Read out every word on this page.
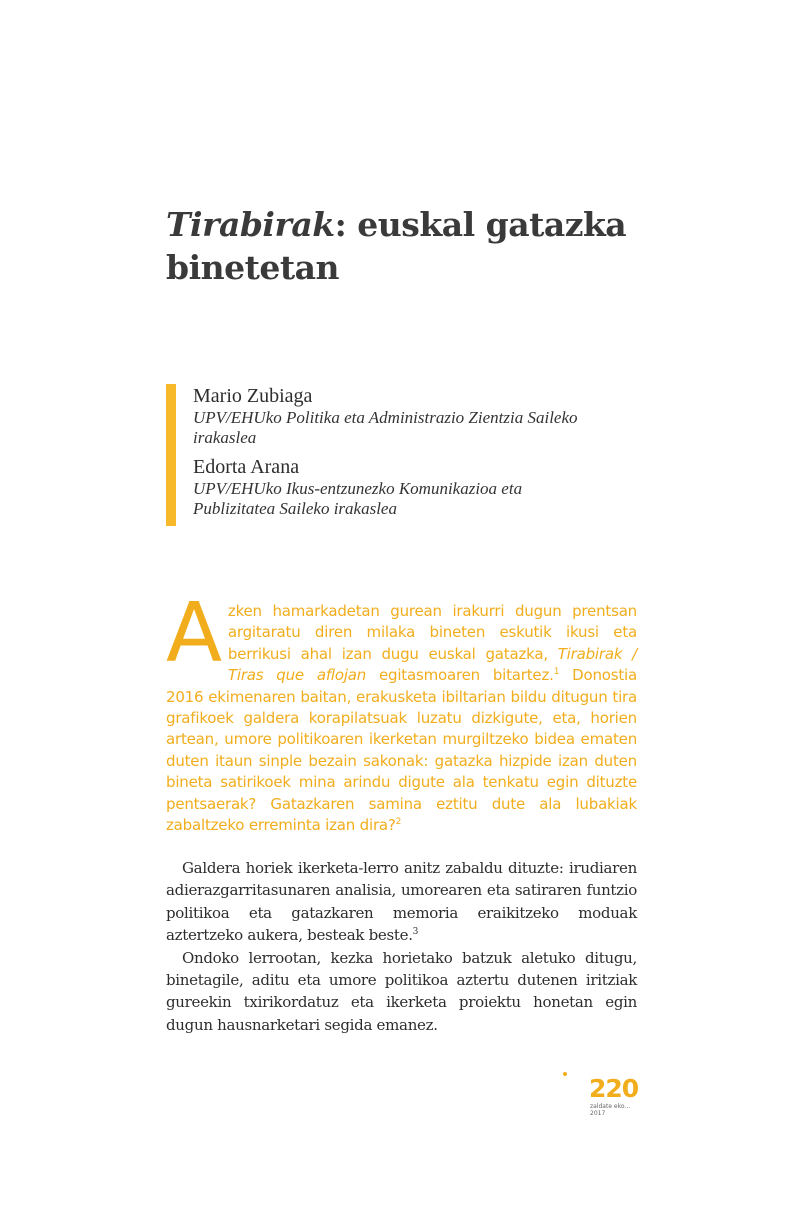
Tirabirak: euskal gatazka
binetetan
Mario Zubiaga
UPV/EHUko Politika eta Administrazio Zientzia Saileko
irakaslea
Edorta Arana
UPV/EHUko Ikus-entzunezko Komunikazioa eta
Publizitatea Saileko irakaslea
Azken hamarkadetan gurean irakurri dugun prentsan argitaratu diren milaka bineten eskutik ikusi eta berrikusi ahal izan dugu euskal gatazka, Tirabirak / Tiras que aflojan egitasmoaren bitartez.$^1$ Donostia 2016 ekimenaren baitan, erakusketa ibiltarian bildu ditugun tira grafikoek galdera korapilatsuak luzatu dizkigute, eta, horien artean, umore politikoaren ikerketan murgiltzeko bidea ematen duten itaun sinple bezain sakonak: gatazka hizpide izan duten bineta satirikoek mina arindu digute ala tenkatu egin dituzte pentsaerak? Gatazkaren samina eztitu dute ala lubakiak zabaltzeko erreminta izan dira?$^2$

Galdera horiek ikerketa-lerro anitz zabaldu dituzte: irudiaren adierazgarritasunaren analisia, umorearen eta satiraren funtzio politikoa eta gatazkaren memoria eraikitzeko moduak aztertzeko aukera, besteak beste.$^3$

Ondoko lerrootan, kezka horietako batzuk aletuko ditugu, binetagile, aditu eta umore politikoa aztertu dutenen iritziak gureekin txirikordatuz eta ikerketa proiektu honetan egin dugun hausnarketari segida emanez.

220
zaldate eko...
2017
